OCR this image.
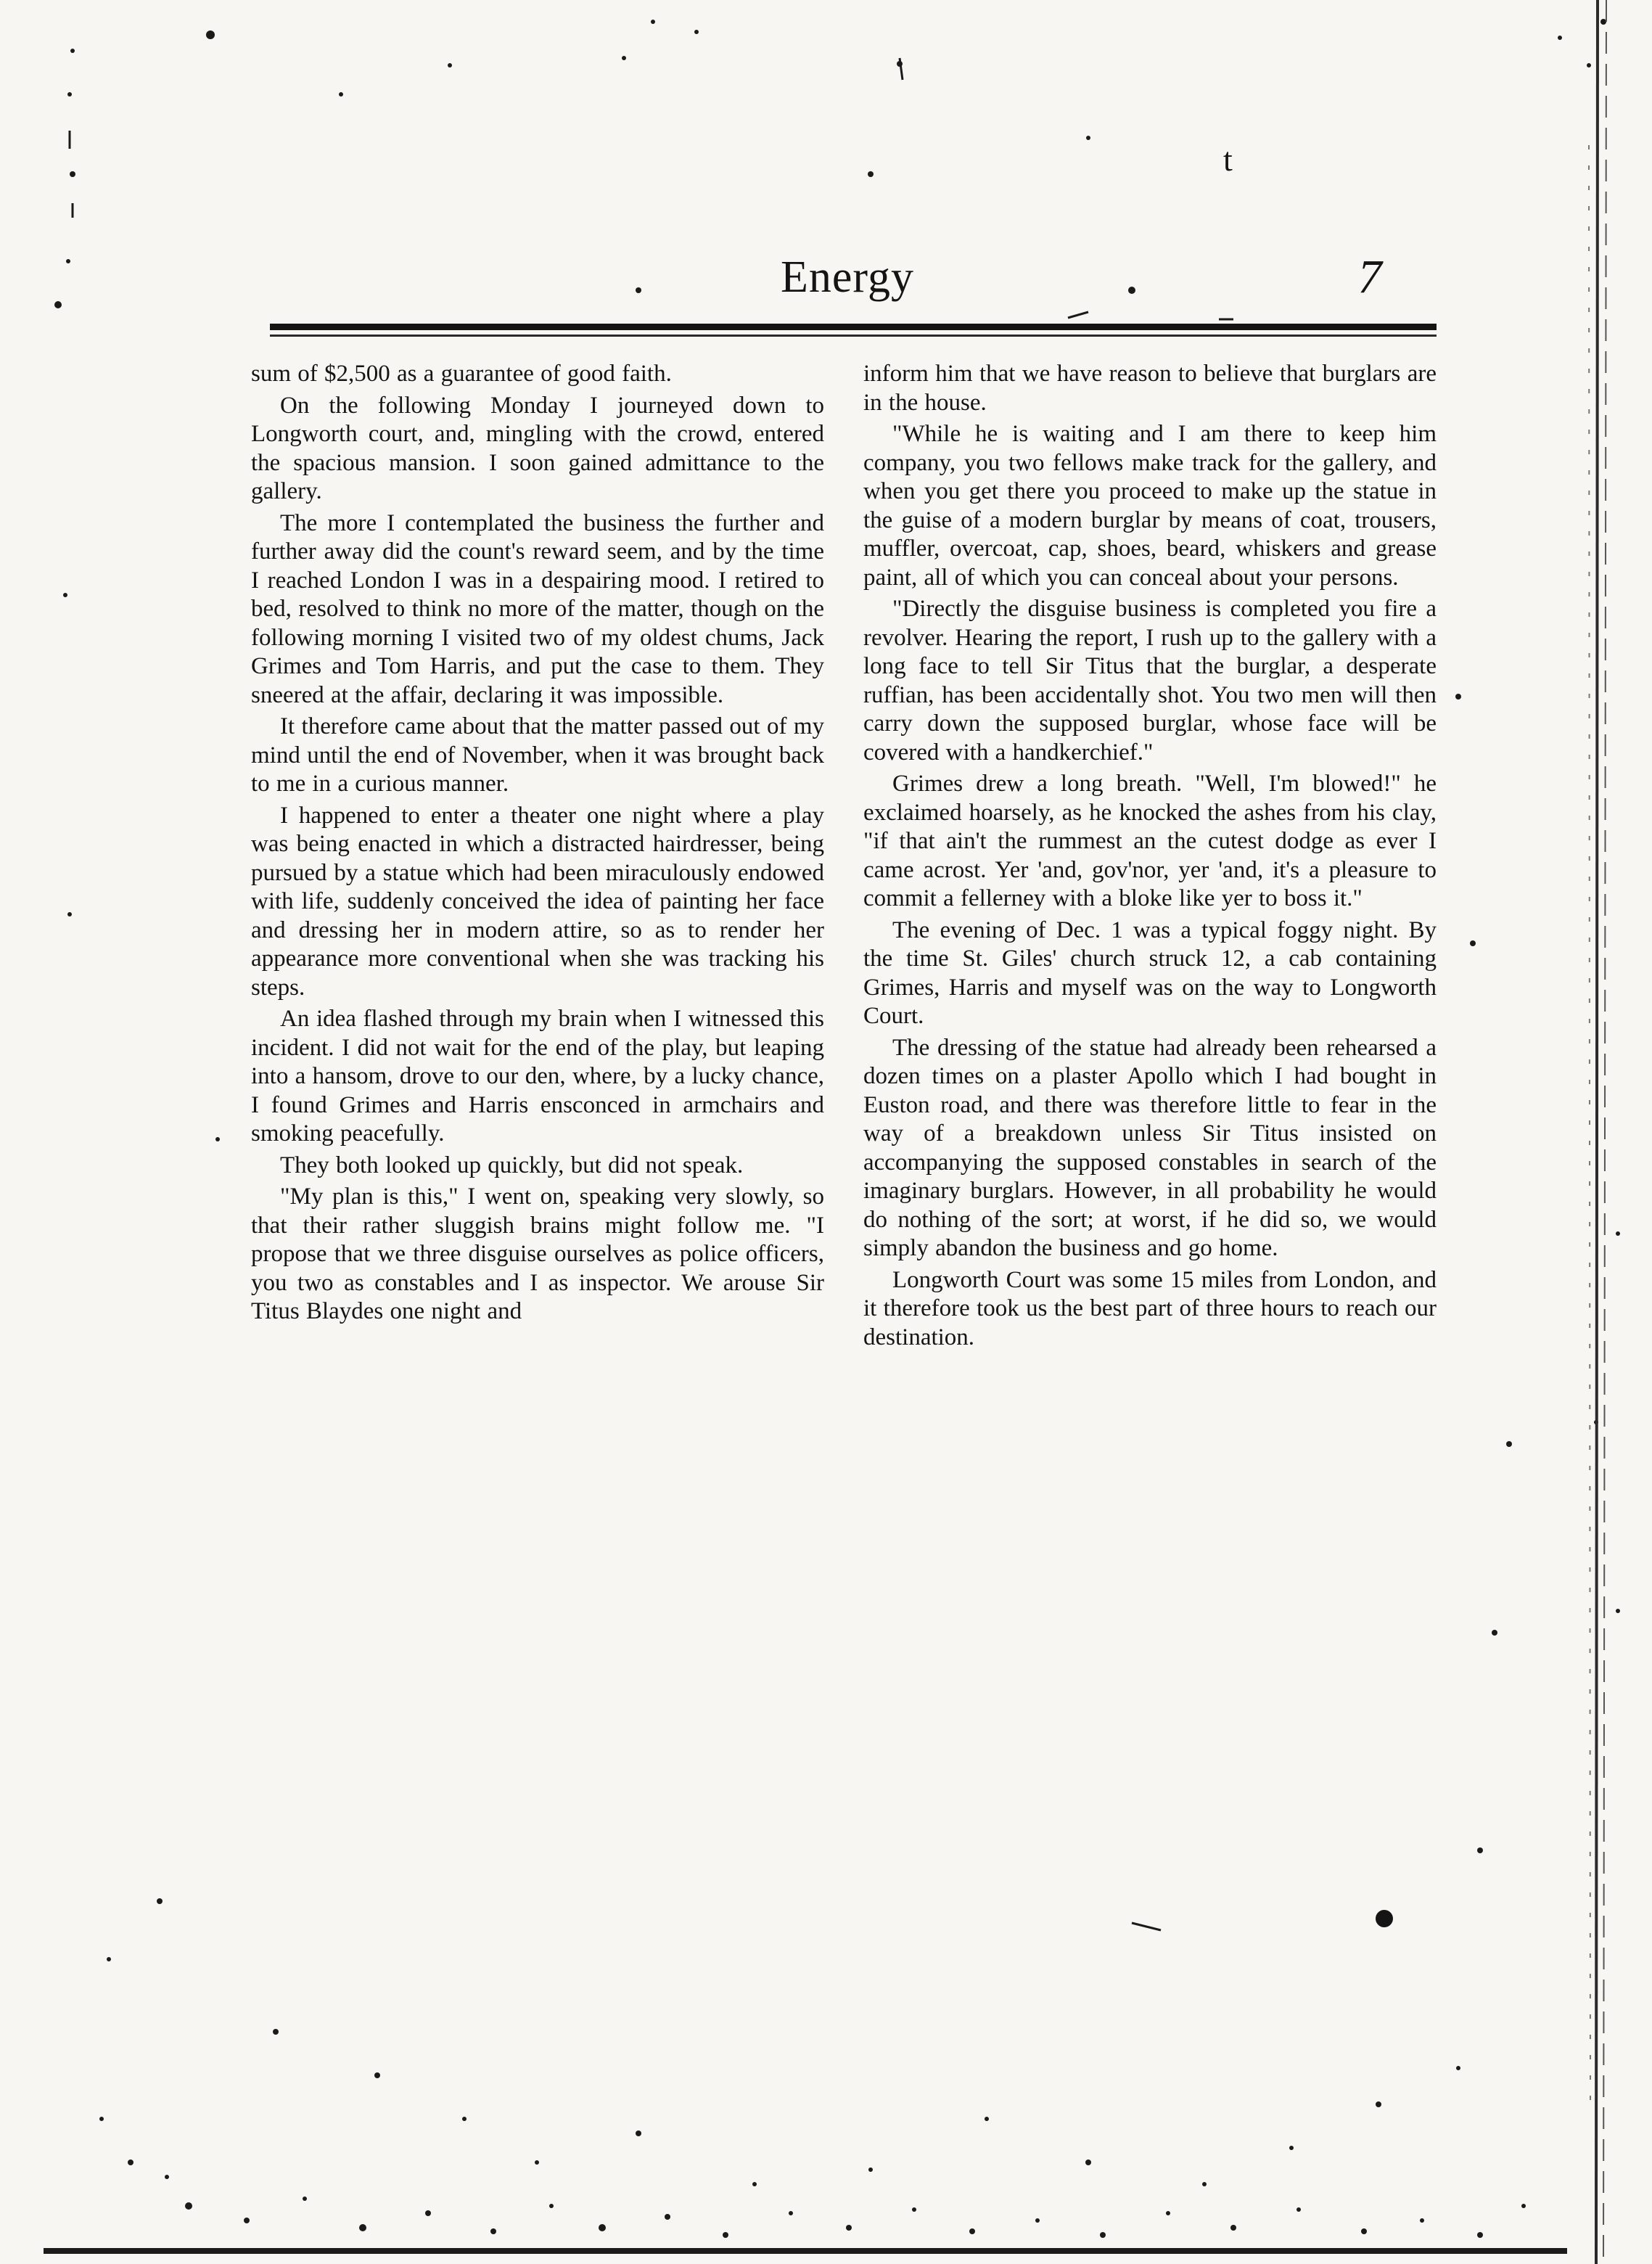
t
Energy	7

sum of $2,500 as a guarantee of good faith.

On the following Monday I journeyed down to Longworth court, and, mingling with the crowd, entered the spacious mansion. I soon gained admittance to the gallery.

The more I contemplated the business the further and further away did the count's reward seem, and by the time I reached London I was in a despairing mood. I retired to bed, resolved to think no more of the matter, though on the following morning I visited two of my oldest chums, Jack Grimes and Tom Harris, and put the case to them. They sneered at the affair, declaring it was impossible.

It therefore came about that the matter passed out of my mind until the end of November, when it was brought back to me in a curious manner.

I happened to enter a theater one night where a play was being enacted in which a distracted hairdresser, being pursued by a statue which had been miraculously endowed with life, suddenly conceived the idea of painting her face and dressing her in modern attire, so as to render her appearance more conventional when she was tracking his steps.

An idea flashed through my brain when I witnessed this incident. I did not wait for the end of the play, but leaping into a hansom, drove to our den, where, by a lucky chance, I found Grimes and Harris ensconced in armchairs and smoking peacefully.

They both looked up quickly, but did not speak.

"My plan is this," I went on, speaking very slowly, so that their rather sluggish brains might follow me. "I propose that we three disguise ourselves as police officers, you two as constables and I as inspector. We arouse Sir Titus Blaydes one night and

inform him that we have reason to believe that burglars are in the house.

"While he is waiting and I am there to keep him company, you two fellows make track for the gallery, and when you get there you proceed to make up the statue in the guise of a modern burglar by means of coat, trousers, muffler, overcoat, cap, shoes, beard, whiskers and grease paint, all of which you can conceal about your persons.

"Directly the disguise business is completed you fire a revolver. Hearing the report, I rush up to the gallery with a long face to tell Sir Titus that the burglar, a desperate ruffian, has been accidentally shot. You two men will then carry down the supposed burglar, whose face will be covered with a handkerchief."

Grimes drew a long breath. "Well, I'm blowed!" he exclaimed hoarsely, as he knocked the ashes from his clay, "if that ain't the rummest an the cutest dodge as ever I came acrost. Yer 'and, gov'nor, yer 'and, it's a pleasure to commit a fellerney with a bloke like yer to boss it."

The evening of Dec. 1 was a typical foggy night. By the time St. Giles' church struck 12, a cab containing Grimes, Harris and myself was on the way to Longworth Court.

The dressing of the statue had already been rehearsed a dozen times on a plaster Apollo which I had bought in Euston road, and there was therefore little to fear in the way of a breakdown unless Sir Titus insisted on accompanying the supposed constables in search of the imaginary burglars. However, in all probability he would do nothing of the sort; at worst, if he did so, we would simply abandon the business and go home.

Longworth Court was some 15 miles from London, and it therefore took us the best part of three hours to reach our destination.
